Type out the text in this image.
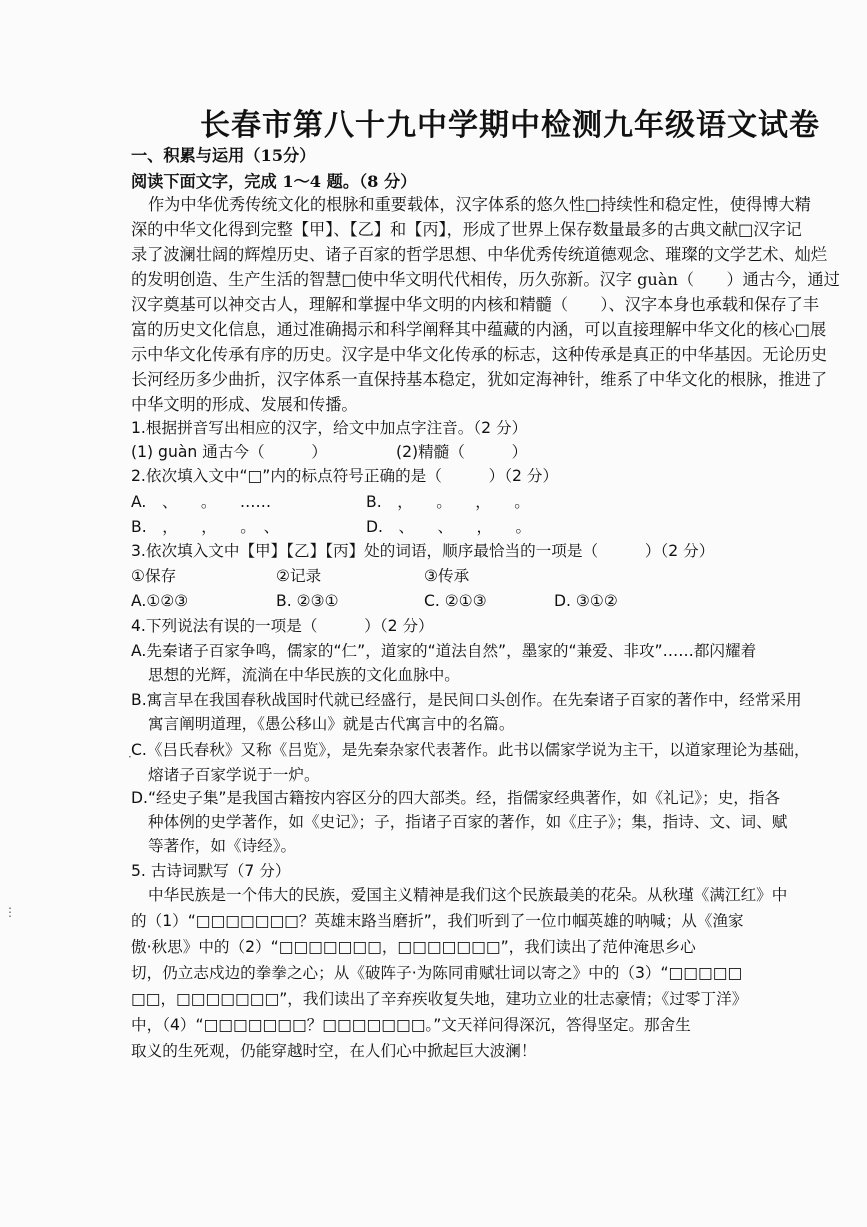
长春市第八十九中学期中检测九年级语文试卷
一、积累与运用（15分）
阅读下面文字，完成 1～4 题。（8 分）
作为中华优秀传统文化的根脉和重要载体，汉字体系的悠久性□持续性和稳定性，使得博大精
深的中华文化得到完整【甲】、【乙】和【丙】，形成了世界上保存数量最多的古典文献□汉字记
录了波澜壮阔的辉煌历史、诸子百家的哲学思想、中华优秀传统道德观念、璀璨的文学艺术、灿烂
的发明创造、生产生活的智慧□使中华文明代代相传，历久弥新。汉字 guàn（　　）通古今，通过
汉字奠基可以神交古人，理解和掌握中华文明的内核和精髓（　　）、汉字本身也承载和保存了丰
富的历史文化信息，通过准确揭示和科学阐释其中蕴藏的内涵，可以直接理解中华文化的核心□展
示中华文化传承有序的历史。汉字是中华文化传承的标志，这种传承是真正的中华基因。无论历史
长河经历多少曲折，汉字体系一直保持基本稳定，犹如定海神针，维系了中华文化的根脉，推进了
中华文明的形成、发展和传播。
1.根据拼音写出相应的汉字，给文中加点字注音。（2 分）
(1) guàn 通古今（　　　）	(2)精髓（　　　）
2.依次填入文中“□”内的标点符号正确的是（　　　）（2 分）
A.　、　　。　　……	B.　，　　。　　，　　。
B.　，　　，　　。　、	D.　、　　、　　，　　。
3.依次填入文中【甲】【乙】【丙】处的词语，顺序最恰当的一项是（　　　）（2 分）
①保存	②记录	③传承
A.①②③	B. ②③①	C. ②①③	D. ③①②
4.下列说法有误的一项是（　　　）（2 分）
A.先秦诸子百家争鸣，儒家的“仁”，道家的“道法自然”，墨家的“兼爱、非攻”……都闪耀着
思想的光辉，流淌在中华民族的文化血脉中。
B.寓言早在我国春秋战国时代就已经盛行，是民间口头创作。在先秦诸子百家的著作中，经常采用
寓言阐明道理，《愚公移山》就是古代寓言中的名篇。
C.《吕氏春秋》又称《吕览》，是先秦杂家代表著作。此书以儒家学说为主干，以道家理论为基础，
熔诸子百家学说于一炉。
D.“经史子集”是我国古籍按内容区分的四大部类。经，指儒家经典著作，如《礼记》；史，指各
种体例的史学著作，如《史记》；子，指诸子百家的著作，如《庄子》；集，指诗、文、词、赋
等著作，如《诗经》。
5. 古诗词默写（7 分）
中华民族是一个伟大的民族，爱国主义精神是我们这个民族最美的花朵。从秋瑾《满江红》中
的（1）“□□□□□□□？英雄末路当磨折”，我们听到了一位巾帼英雄的呐喊；从《渔家
傲·秋思》中的（2）“□□□□□□□，□□□□□□□”，我们读出了范仲淹思乡心
切，仍立志戍边的拳拳之心；从《破阵子·为陈同甫赋壮词以寄之》中的（3）“□□□□□
□□，□□□□□□□”，我们读出了辛弃疾收复失地，建功立业的壮志豪情；《过零丁洋》
中，（4）“□□□□□□□？□□□□□□□。”文天祥问得深沉，答得坚定。那舍生
取义的生死观，仍能穿越时空，在人们心中掀起巨大波澜！
⋮
·
